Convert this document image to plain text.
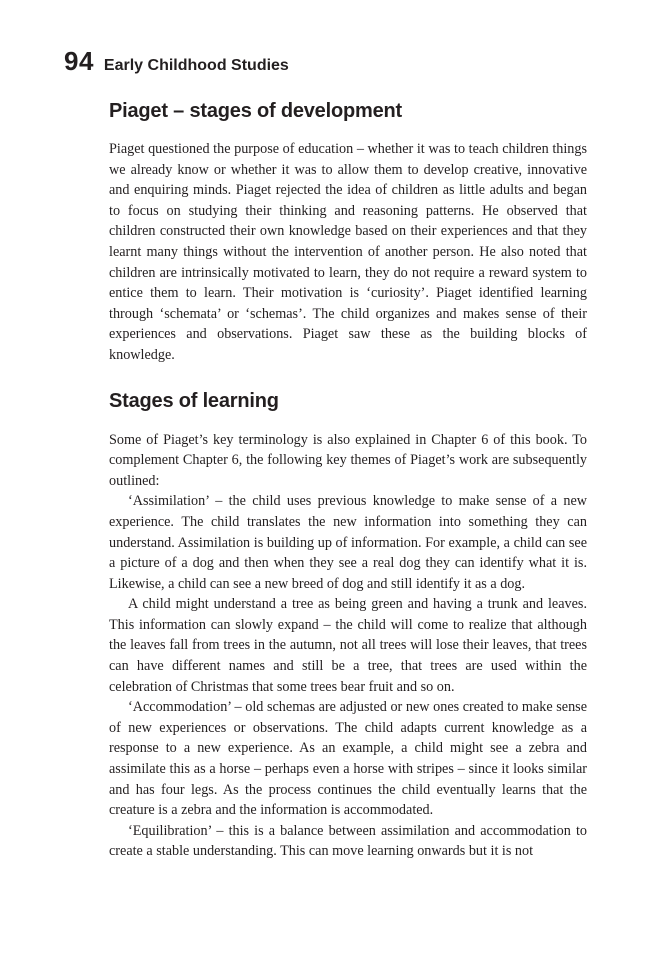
94 Early Childhood Studies
Piaget – stages of development

Piaget questioned the purpose of education – whether it was to teach children things we already know or whether it was to allow them to develop creative, innovative and enquiring minds. Piaget rejected the idea of children as little adults and began to focus on studying their thinking and reasoning patterns. He observed that children constructed their own knowledge based on their experiences and that they learnt many things without the intervention of another person. He also noted that children are intrinsically motivated to learn, they do not require a reward system to entice them to learn. Their motivation is ‘curiosity’. Piaget identified learning through ‘schemata’ or ‘schemas’. The child organizes and makes sense of their experiences and observations. Piaget saw these as the building blocks of knowledge.

Stages of learning

Some of Piaget’s key terminology is also explained in Chapter 6 of this book. To complement Chapter 6, the following key themes of Piaget’s work are subsequently outlined:

‘Assimilation’ – the child uses previous knowledge to make sense of a new experience. The child translates the new information into something they can understand. Assimilation is building up of information. For example, a child can see a picture of a dog and then when they see a real dog they can identify what it is. Likewise, a child can see a new breed of dog and still identify it as a dog.

A child might understand a tree as being green and having a trunk and leaves. This information can slowly expand – the child will come to realize that although the leaves fall from trees in the autumn, not all trees will lose their leaves, that trees can have different names and still be a tree, that trees are used within the celebration of Christmas that some trees bear fruit and so on.

‘Accommodation’ – old schemas are adjusted or new ones created to make sense of new experiences or observations. The child adapts current knowledge as a response to a new experience. As an example, a child might see a zebra and assimilate this as a horse – perhaps even a horse with stripes – since it looks similar and has four legs. As the process continues the child eventually learns that the creature is a zebra and the information is accommodated.

‘Equilibration’ – this is a balance between assimilation and accommodation to create a stable understanding. This can move learning onwards but it is not
